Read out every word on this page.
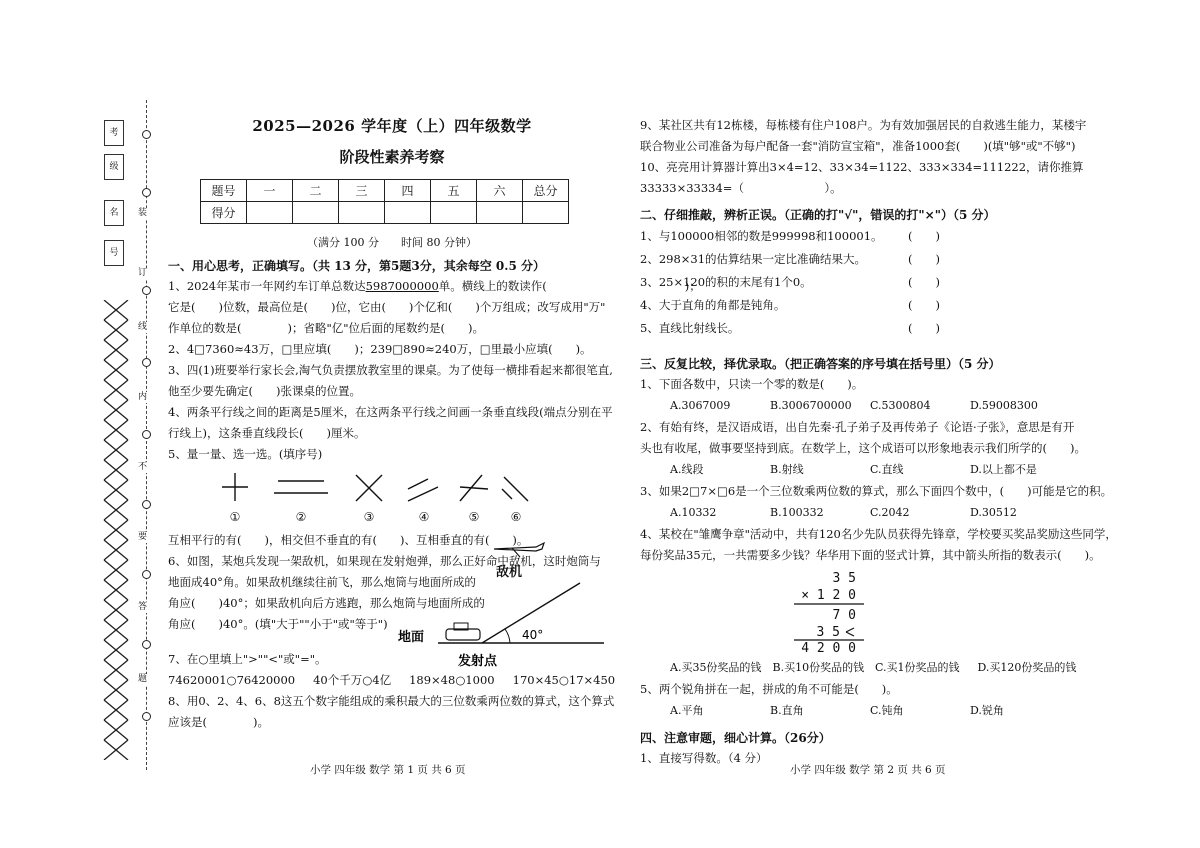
考
级
名
号
装
订
线
内
不
要
答
题
2025—2026 学年度（上）四年级数学
阶段性素养考察
题号	一	二	三	四	五	六	总分
得分							
（满分 100 分　　时间 80 分钟）
一、用心思考，正确填写。（共 13 分，第5题3分，其余每空 0.5 分）
1、2024年某市一年网约车订单总数达5987000000单。横线上的数读作(　　　　　　　　　　　　)；
它是(　　)位数，最高位是(　　)位，它由(　　)个亿和(　　)个万组成；改写成用"万"
作单位的数是(　　　　)；省略"亿"位后面的尾数约是(　　)。
2、4□7360≈43万，□里应填(　　)；239□890≈240万，□里最小应填(　　)。
3、四(1)班要举行家长会,淘气负责摆放教室里的课桌。为了使每一横排看起来都很笔直,
他至少要先确定(　　)张课桌的位置。
4、两条平行线之间的距离是5厘米，在这两条平行线之间画一条垂直线段(端点分别在平
行线上)，这条垂直线段长(　　)厘米。
5、量一量、选一选。(填序号)
①	②	③	④	⑤	⑥
互相平行的有(　　)，相交但不垂直的有(　　)、互相垂直的有(　　)。
6、如图，某炮兵发现一架敌机，如果现在发射炮弹，那么正好命中敌机，这时炮筒与
地面成40°角。如果敌机继续往前飞，那么炮筒与地面所成的
角应(　　)40°；如果敌机向后方逃跑，那么炮筒与地面所成的
角应(　　)40°。(填"大于""小于"或"等于")
地面	40°
发射点
敌机
7、在○里填上">""<"或"="。
74620001○76420000 40个千万○4亿 189×48○1000 170×45○17×450
8、用0、2、4、6、8这五个数字能组成的乘积最大的三位数乘两位数的算式，这个算式
应该是(　　　　)。
小学 四年级 数学 第 1 页 共 6 页
9、某社区共有12栋楼，每栋楼有住户108户。为有效加强居民的自救逃生能力，某楼宇
联合物业公司准备为每户配备一套"消防宣宝箱"，准备1000套(　　)(填"够"或"不够")
10、亮亮用计算器计算出3×4=12、33×34=1122、333×334=111222，请你推算
33333×33334=（　　　　　　　）。
二、仔细推敲，辨析正误。（正确的打"√"，错误的打"×"）（5 分）
1、与100000相邻的数是999998和100001。 (　　)
2、298×31的估算结果一定比准确结果大。	(　　)
3、25×120的积的末尾有1个0。	(　　)
4、大于直角的角都是钝角。	(　　)
5、直线比射线长。	(　　)
三、反复比较，择优录取。（把正确答案的序号填在括号里）（5 分）
1、下面各数中，只读一个零的数是(　　)。
A.3067009	B.3006700000	C.5300804	D.59008300
2、有始有终，是汉语成语，出自先秦·孔子弟子及再传弟子《论语·子张》，意思是有开
头也有收尾，做事要坚持到底。在数学上，这个成语可以形象地表示我们所学的(　　)。
A.线段	B.射线	C.直线	D.以上都不是
3、如果2□7×□6是一个三位数乘两位数的算式，那么下面四个数中，(　　)可能是它的积。
A.10332	B.100332	C.2042	D.30512
4、某校在"雏鹰争章"活动中，共有120名少先队员获得先锋章，学校要买奖品奖励这些同学，
每份奖品35元，一共需要多少钱？华华用下面的竖式计算，其中箭头所指的数表示(　　)。
3 5
× 1 2 0
7 0
3 5
4 2 0 0
A.买35份奖品的钱	B.买10份奖品的钱 C.买1份奖品的钱	D.买120份奖品的钱
5、两个锐角拼在一起，拼成的角不可能是(　　)。
A.平角	B.直角	C.钝角	D.锐角
四、注意审题，细心计算。（26分）
1、直接写得数。（4 分）
小学 四年级 数学 第 2 页 共 6 页
